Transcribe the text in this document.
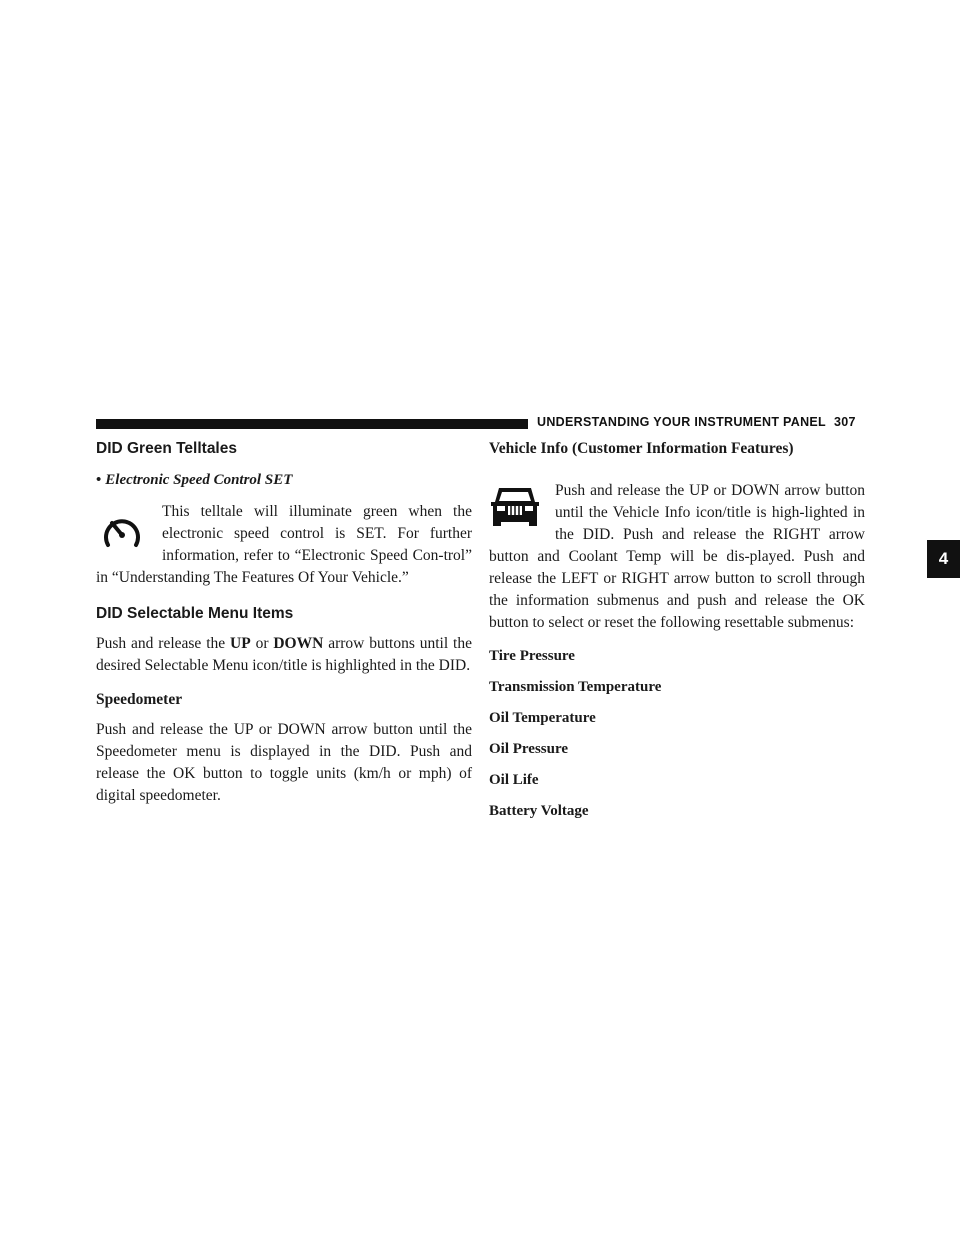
UNDERSTANDING YOUR INSTRUMENT PANEL 307
4
DID Green Telltales
• Electronic Speed Control SET

This telltale will illuminate green when the electronic speed control is SET. For further information, refer to “Electronic Speed Con-trol” in “Understanding The Features Of Your Vehicle.”

DID Selectable Menu Items

Push and release the UP or DOWN arrow buttons until the desired Selectable Menu icon/title is highlighted in the DID.

Speedometer

Push and release the UP or DOWN arrow button until the Speedometer menu is displayed in the DID. Push and release the OK button to toggle units (km/h or mph) of digital speedometer.

Vehicle Info (Customer Information Features)

Push and release the UP or DOWN arrow button until the Vehicle Info icon/title is high-lighted in the DID. Push and release the RIGHT arrow button and Coolant Temp will be dis-played. Push and release the LEFT or RIGHT arrow button to scroll through the information submenus and push and release the OK button to select or reset the following resettable submenus:

Tire Pressure
Transmission Temperature
Oil Temperature
Oil Pressure
Oil Life
Battery Voltage
